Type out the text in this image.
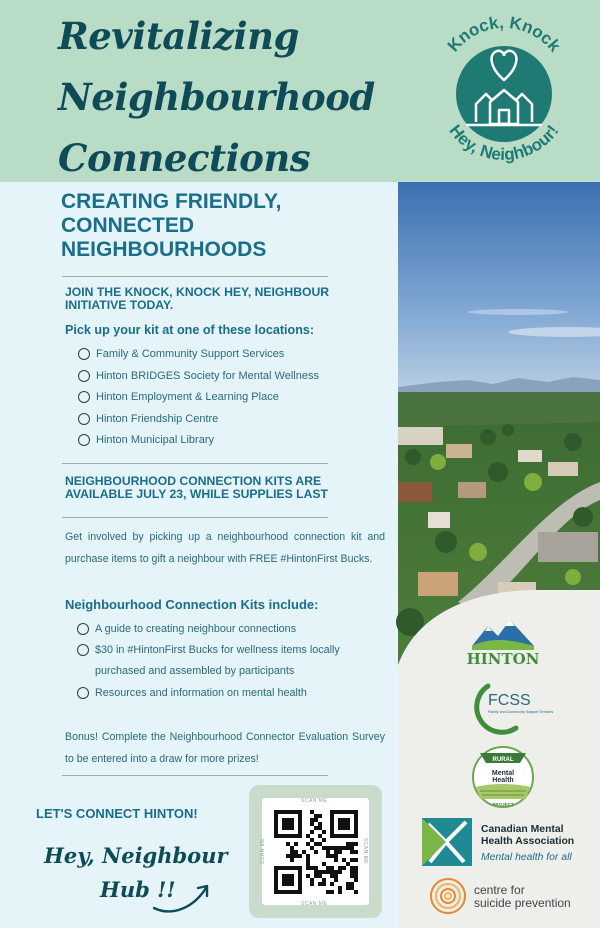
Revitalizing
Neighbourhood
Connections
Knock, Knock
Hey, Neighbour!
CREATING FRIENDLY, CONNECTED NEIGHBOURHOODS
JOIN THE KNOCK, KNOCK HEY, NEIGHBOUR INITIATIVE TODAY.
Pick up your kit at one of these locations:
Family & Community Support Services
Hinton BRIDGES Society for Mental Wellness
Hinton Employment & Learning Place
Hinton Friendship Centre
Hinton Municipal Library
NEIGHBOURHOOD CONNECTION KITS ARE AVAILABLE JULY 23, WHILE SUPPLIES LAST
Get involved by picking up a neighbourhood connection kit and purchase items to gift a neighbour with FREE #HintonFirst Bucks.
Neighbourhood Connection Kits include:
A guide to creating neighbour connections
$30 in #HintonFirst Bucks for wellness items locally purchased and assembled by participants
Resources and information on mental health
Bonus! Complete the Neighbourhood Connector Evaluation Survey to be entered into a draw for more prizes!
LET'S CONNECT HINTON!
Hey, Neighbour
Hub !!
SCAN ME
SCAN ME
SCAN ME	SCAN ME
HINTON
FCSS
Family and Community Support Services
RURAL
Mental
Health
PROJECT
Canadian Mental
Health Association
Mental health for all
centre for
suicide prevention
